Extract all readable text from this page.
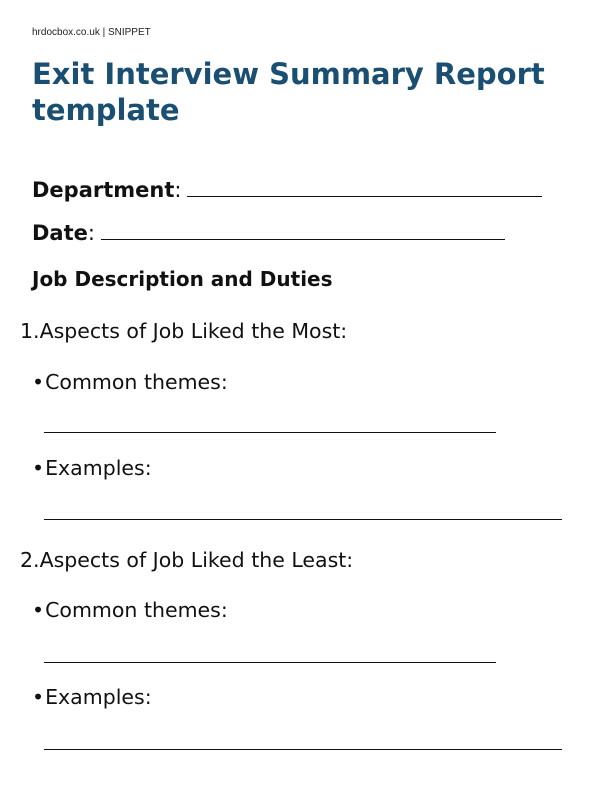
hrdocbox.co.uk | SNIPPET
Exit Interview Summary Report template
Department:
Date:
Job Description and Duties
1.Aspects of Job Liked the Most:
•Common themes:
•Examples:
2.Aspects of Job Liked the Least:
•Common themes:
•Examples:
